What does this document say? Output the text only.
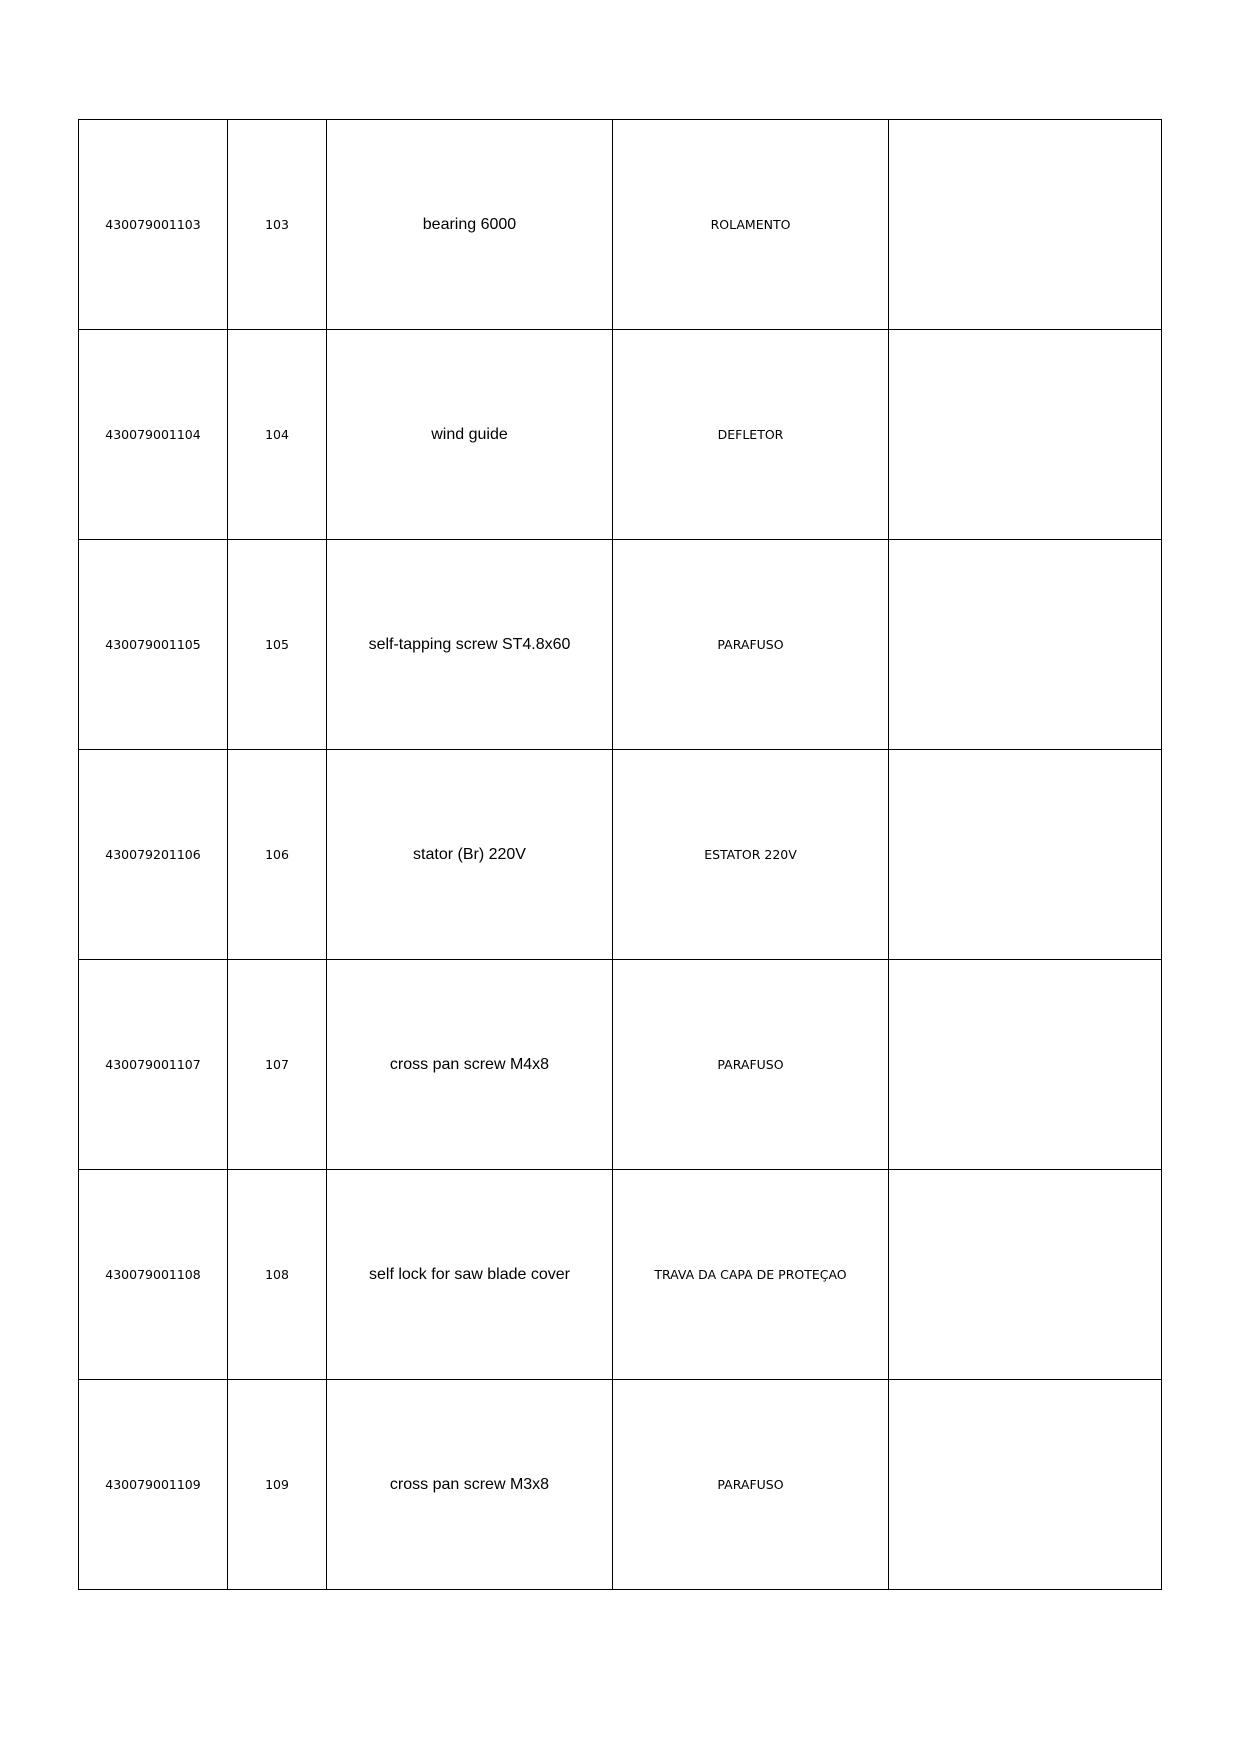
430079001103	103	bearing 6000	ROLAMENTO	
430079001104	104	wind guide	DEFLETOR	
430079001105	105	self-tapping screw ST4.8x60	PARAFUSO	
430079201106	106	stator (Br) 220V	ESTATOR 220V	
430079001107	107	cross pan screw M4x8	PARAFUSO	
430079001108	108	self lock for saw blade cover	TRAVA DA CAPA DE PROTEÇAO	
430079001109	109	cross pan screw M3x8	PARAFUSO	
